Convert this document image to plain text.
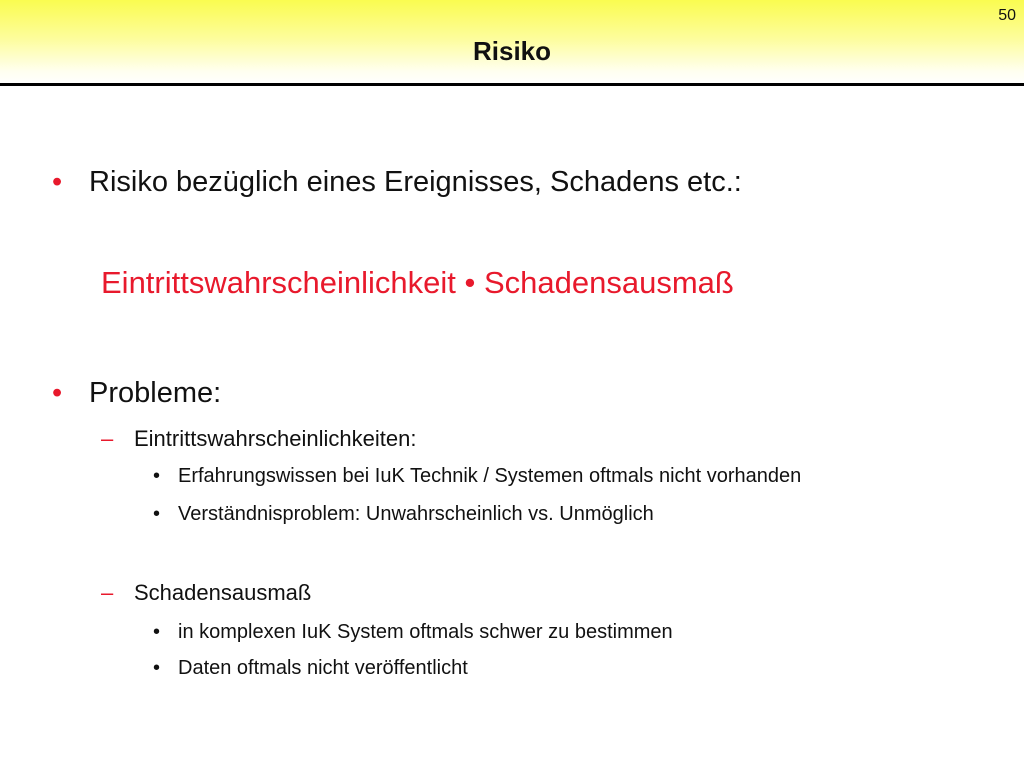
50
Risiko
• Risiko bezüglich eines Ereignisses, Schadens etc.:
Eintrittswahrscheinlichkeit • Schadensausmaß
• Probleme:
– Eintrittswahrscheinlichkeiten:
• Erfahrungswissen bei IuK Technik / Systemen oftmals nicht vorhanden
• Verständnisproblem: Unwahrscheinlich vs. Unmöglich
– Schadensausmaß
• in komplexen IuK System oftmals schwer zu bestimmen
• Daten oftmals nicht veröffentlicht
